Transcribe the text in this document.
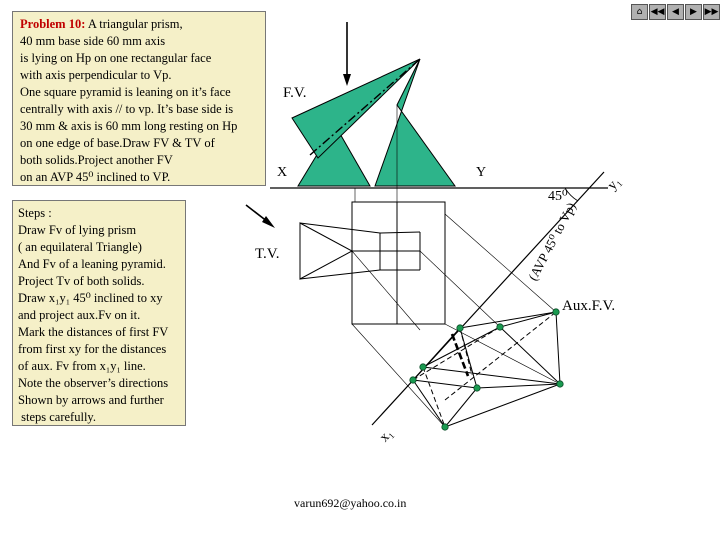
Problem 10: A triangular prism,
40 mm base side 60 mm axis
is lying on Hp on one rectangular face
with axis perpendicular to Vp.
One square pyramid is leaning on it’s face
centrally with axis // to vp. It’s base side is
30 mm & axis is 60 mm long resting on Hp
on one edge of base.Draw FV & TV of
both solids.Project another FV
on an AVP 45⁰ inclined to VP.
Steps :
Draw Fv of lying prism
( an equilateral Triangle)
And Fv of a leaning pyramid.
Project Tv of both solids.
Draw x₁y₁ 45⁰ inclined to xy
and project aux.Fv on it.
Mark the distances of first FV
from first xy for the distances
of aux. Fv from x₁y₁ line.
Note the observer’s directions
Shown by arrows and further
steps carefully.
F.V.
T.V.
Aux.F.V.
X	Y
45⁰
y₁
x₁
(AVP 45⁰ to Vp)
⌂ ◀◀ ◀	▶ ▶▶
varun692@yahoo.co.in
